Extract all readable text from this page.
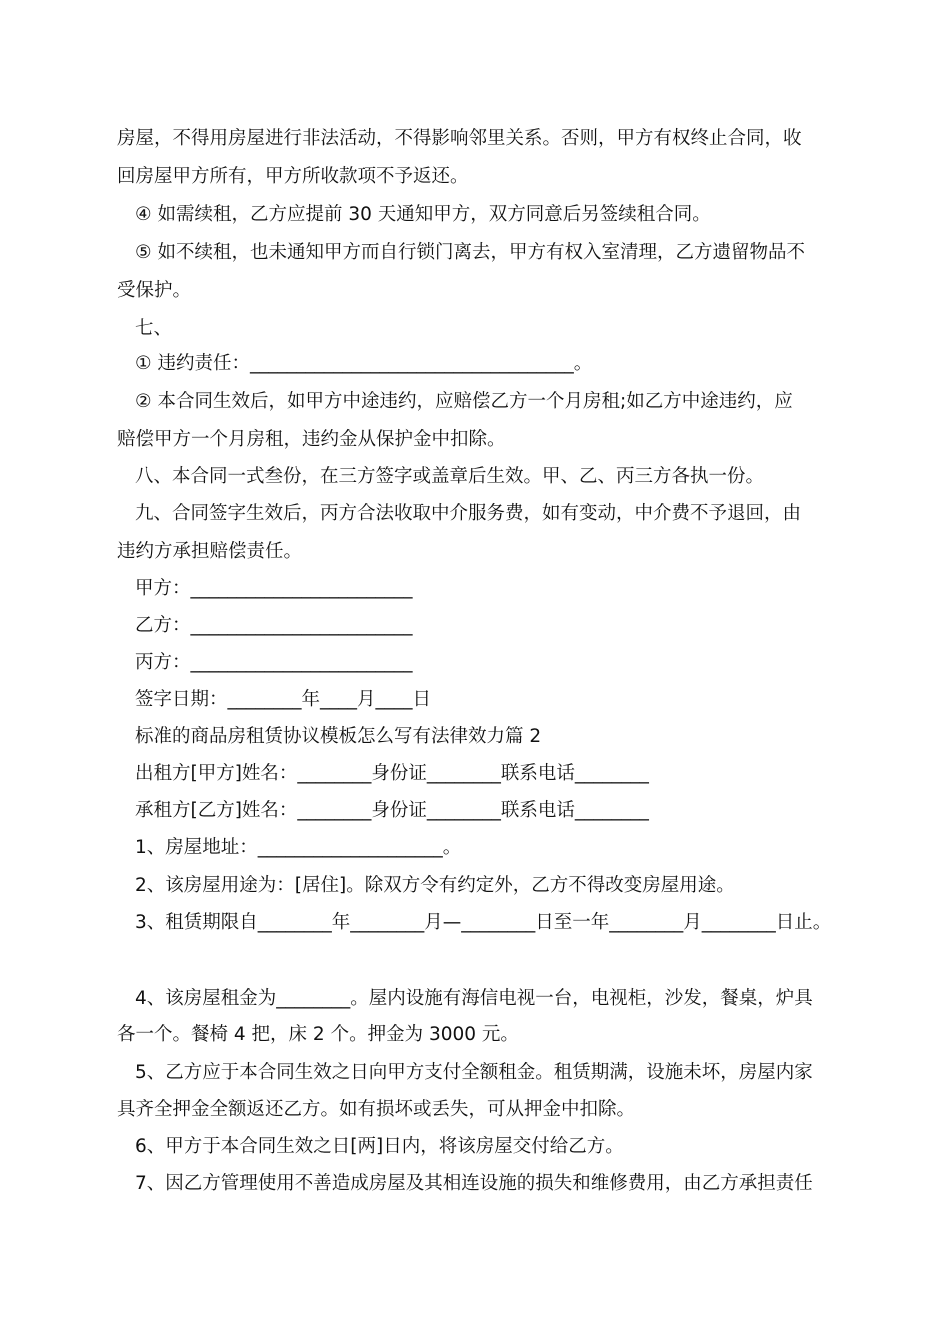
房屋，不得用房屋进行非法活动，不得影响邻里关系。否则，甲方有权终止合同，收
回房屋甲方所有，甲方所收款项不予返还。
④ 如需续租，乙方应提前 30 天通知甲方，双方同意后另签续租合同。
⑤ 如不续租，也未通知甲方而自行锁门离去，甲方有权入室清理，乙方遗留物品不
受保护。
七、
① 违约责任：___________________________________。
② 本合同生效后，如甲方中途违约，应赔偿乙方一个月房租;如乙方中途违约，应
赔偿甲方一个月房租，违约金从保护金中扣除。
八、本合同一式叁份，在三方签字或盖章后生效。甲、乙、丙三方各执一份。
九、合同签字生效后，丙方合法收取中介服务费，如有变动，中介费不予退回，由
违约方承担赔偿责任。
甲方：________________________
乙方：________________________
丙方：________________________
签字日期：________年____月____日
标准的商品房租赁协议模板怎么写有法律效力篇 2
出租方[甲方]姓名：________身份证________联系电话________
承租方[乙方]姓名：________身份证________联系电话________
1、房屋地址：____________________。
2、该房屋用途为：[居住]。除双方令有约定外，乙方不得改变房屋用途。
3、租赁期限自________年________月—________日至一年________月________日止。
4、该房屋租金为________。屋内设施有海信电视一台，电视柜，沙发，餐桌，炉具
各一个。餐椅 4 把，床 2 个。押金为 3000 元。
5、乙方应于本合同生效之日向甲方支付全额租金。租赁期满，设施未坏，房屋内家
具齐全押金全额返还乙方。如有损坏或丢失，可从押金中扣除。
6、甲方于本合同生效之日[两]日内，将该房屋交付给乙方。
7、因乙方管理使用不善造成房屋及其相连设施的损失和维修费用，由乙方承担责任
